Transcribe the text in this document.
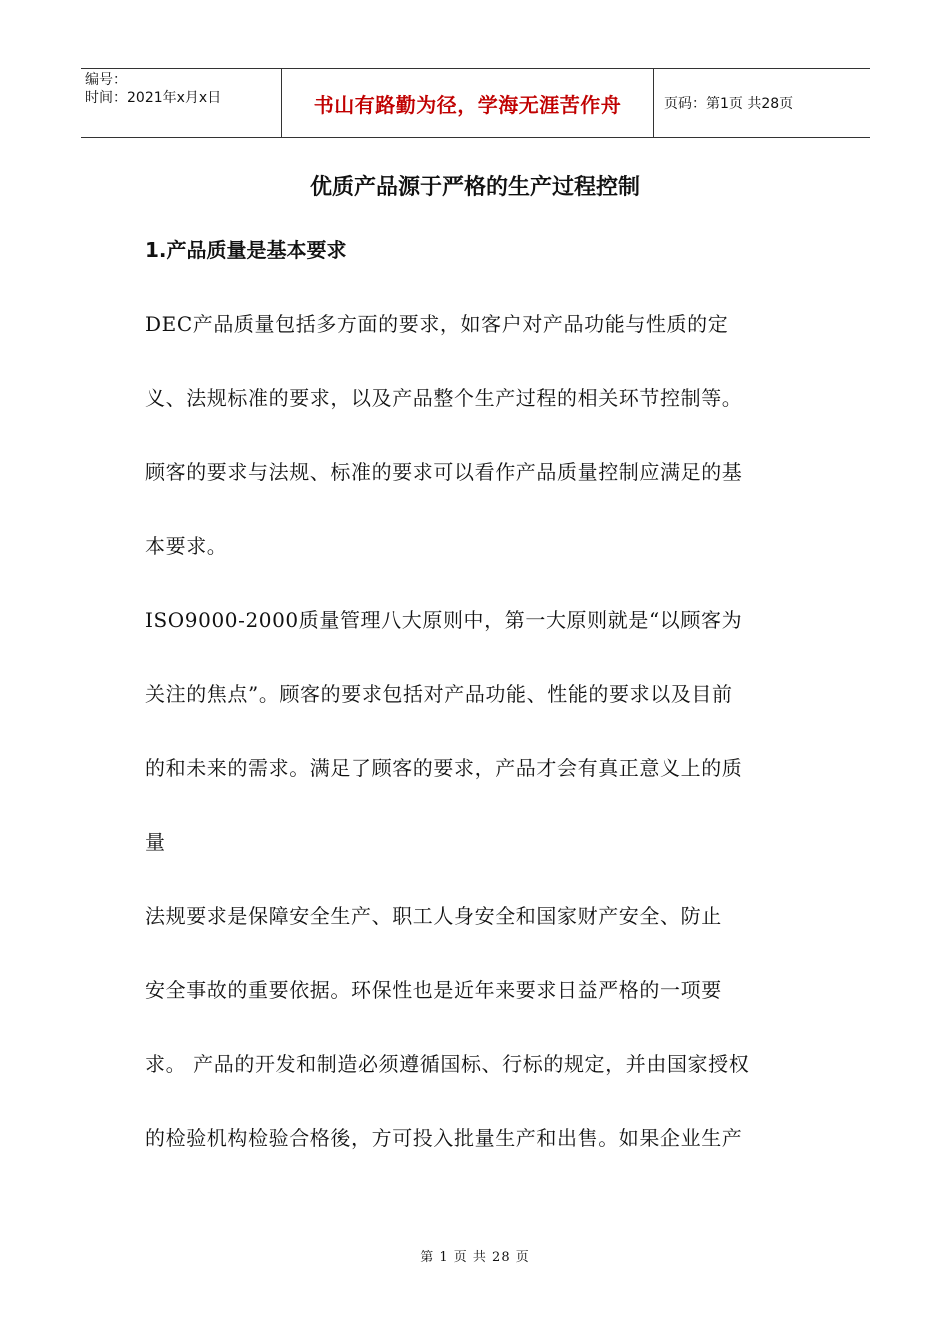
编号：
时间：2021年x月x日	书山有路勤为径，学海无涯苦作舟	页码：第1页 共28页
优质产品源于严格的生产过程控制
1.产品质量是基本要求
DEC产品质量包括多方面的要求，如客户对产品功能与性质的定
义、法规标准的要求，以及产品整个生产过程的相关环节控制等。
顾客的要求与法规、标准的要求可以看作产品质量控制应满足的基
本要求。
ISO9000-2000质量管理八大原则中，第一大原则就是“以顾客为
关注的焦点”。顾客的要求包括对产品功能、性能的要求以及目前
的和未来的需求。满足了顾客的要求，产品才会有真正意义上的质
量
法规要求是保障安全生产、职工人身安全和国家财产安全、防止
安全事故的重要依据。环保性也是近年来要求日益严格的一项要
求。 产品的开发和制造必须遵循国标、行标的规定，并由国家授权
的检验机构检验合格後，方可投入批量生产和出售。如果企业生产
第 1 页 共 28 页
